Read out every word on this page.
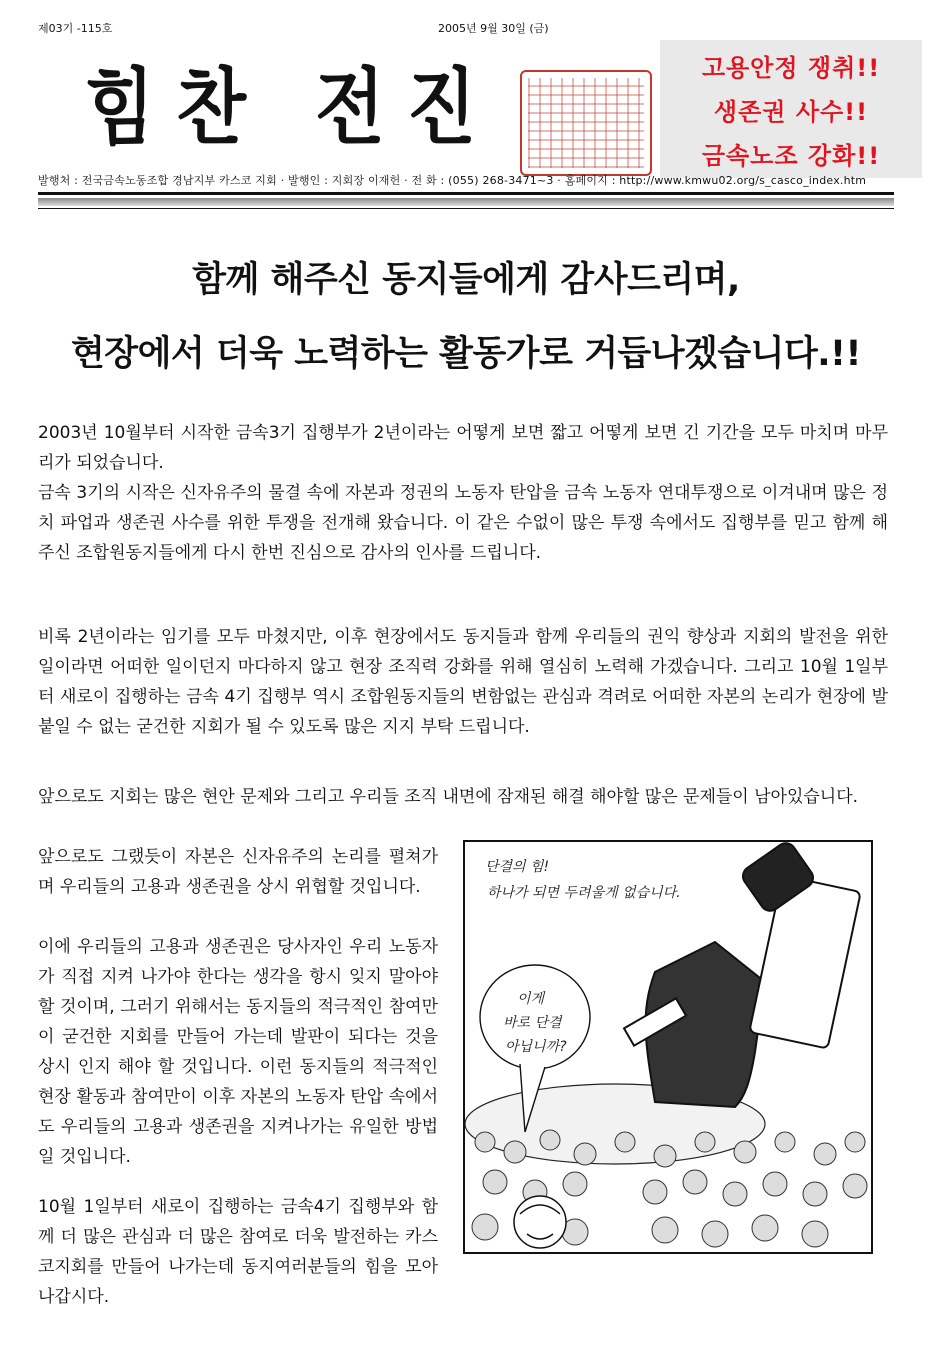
제03기 -115호	2005년 9월 30일 (금)
힘찬 전진	고용안정 쟁취!!
생존권 사수!!
금속노조 강화!!
발행처 : 전국금속노동조합 경남지부 카스코 지회 · 발행인 : 지회장 이재헌 · 전 화 : (055) 268-3471~3 · 홈페이지 : http://www.kmwu02.org/s_casco_index.htm
함께 해주신 동지들에게 감사드리며,
현장에서 더욱 노력하는 활동가로 거듭나겠습니다.!!
2003년 10월부터 시작한 금속3기 집행부가 2년이라는 어떻게 보면 짧고 어떻게 보면 긴 기간을 모두 마치며 마무리가 되었습니다.
금속 3기의 시작은 신자유주의 물결 속에 자본과 정권의 노동자 탄압을 금속 노동자 연대투쟁으로 이겨내며 많은 정치 파업과 생존권 사수를 위한 투쟁을 전개해 왔습니다. 이 같은 수없이 많은 투쟁 속에서도 집행부를 믿고 함께 해주신 조합원동지들에게 다시 한번 진심으로 감사의 인사를 드립니다.
비록 2년이라는 임기를 모두 마쳤지만, 이후 현장에서도 동지들과 함께 우리들의 권익 향상과 지회의 발전을 위한 일이라면 어떠한 일이던지 마다하지 않고 현장 조직력 강화를 위해 열심히 노력해 가겠습니다. 그리고 10월 1일부터 새로이 집행하는 금속 4기 집행부 역시 조합원동지들의 변함없는 관심과 격려로 어떠한 자본의 논리가 현장에 발붙일 수 없는 굳건한 지회가 될 수 있도록 많은 지지 부탁 드립니다.
앞으로도 지회는 많은 현안 문제와 그리고 우리들 조직 내면에 잠재된 해결 해야할 많은 문제들이 남아있습니다.
앞으로도 그랬듯이 자본은 신자유주의 논리를 펼쳐가며 우리들의 고용과 생존권을 상시 위협할 것입니다.
이에 우리들의 고용과 생존권은 당사자인 우리 노동자가 직접 지켜 나가야 한다는 생각을 항시 잊지 말아야 할 것이며, 그러기 위해서는 동지들의 적극적인 참여만이 굳건한 지회를 만들어 가는데 발판이 되다는 것을 상시 인지 해야 할 것입니다. 이런 동지들의 적극적인 현장 활동과 참여만이 이후 자본의 노동자 탄압 속에서도 우리들의 고용과 생존권을 지켜나가는 유일한 방법일 것입니다.
10월 1일부터 새로이 집행하는 금속4기 집행부와 함께 더 많은 관심과 더 많은 참여로 더욱 발전하는 카스코지회를 만들어 나가는데 동지여러분들의 힘을 모아나갑시다.
단결의 힘!
하나가 되면 두려울게 없습니다.
이게
바로 단결
아닙니까?
